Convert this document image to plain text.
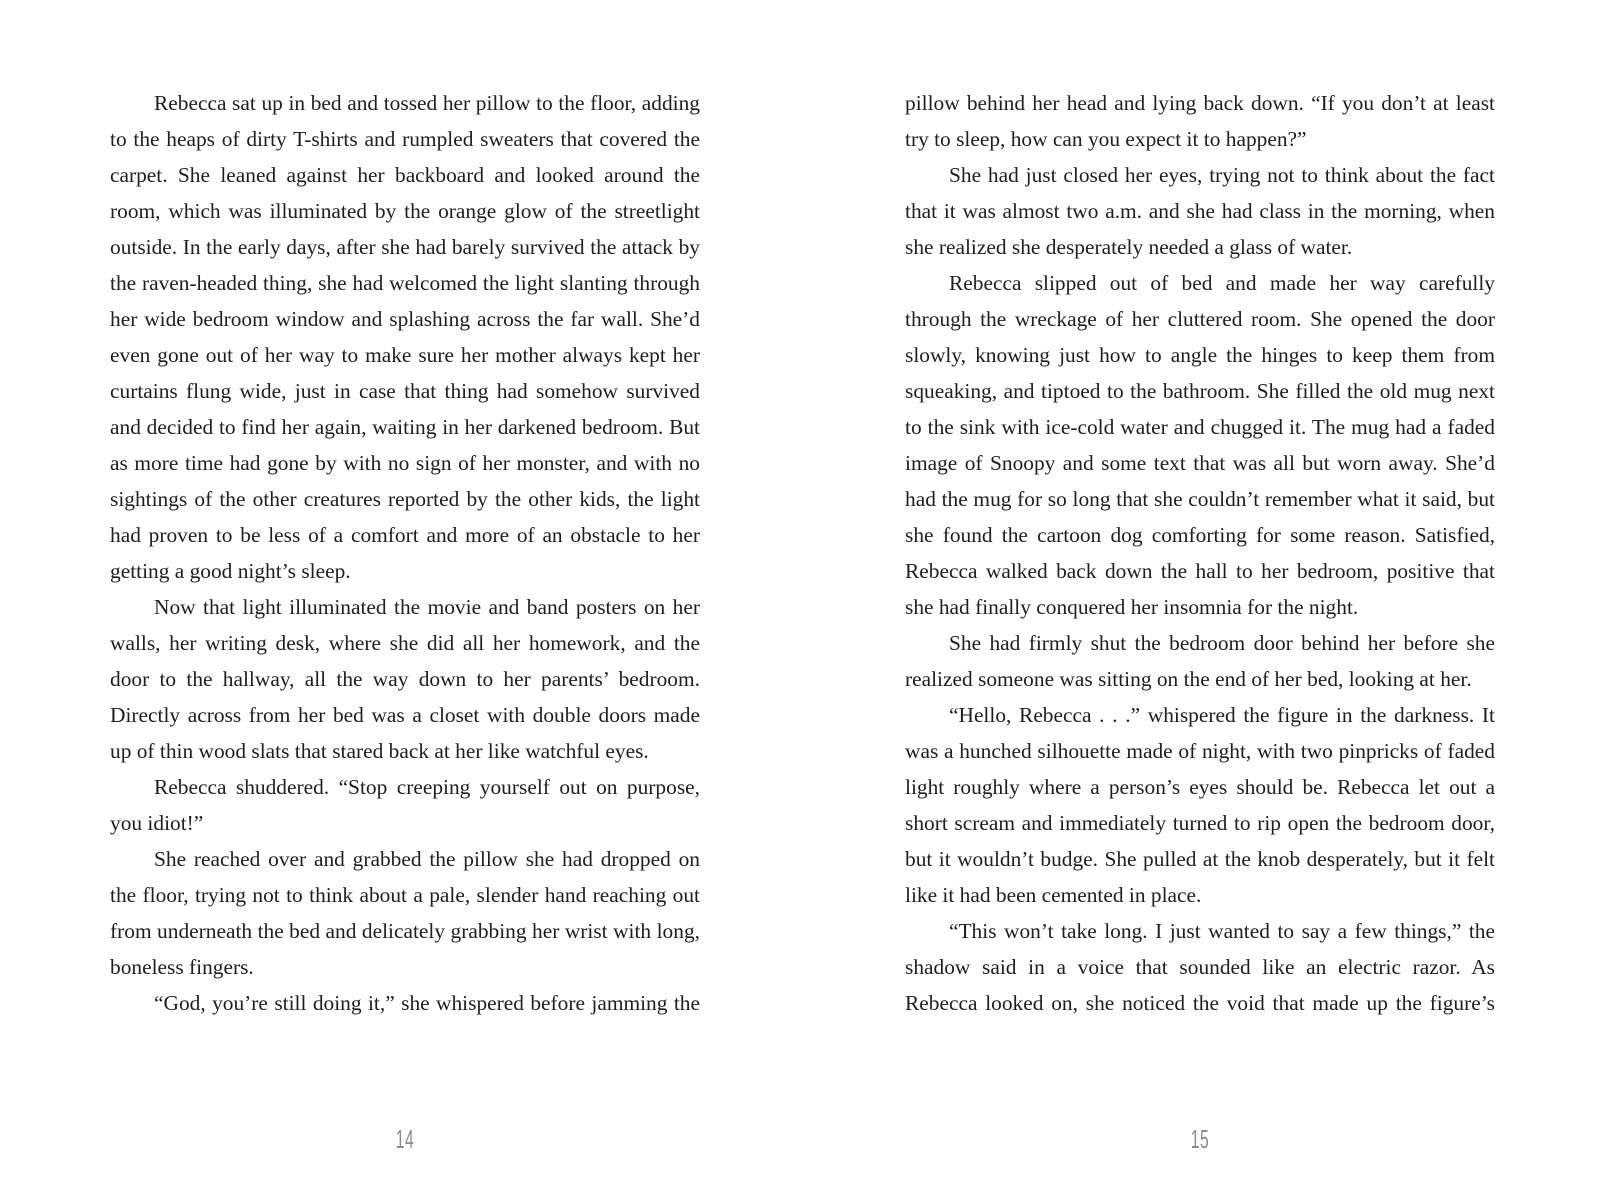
Rebecca sat up in bed and tossed her pillow to the floor, adding to the heaps of dirty T-shirts and rumpled sweaters that covered the carpet. She leaned against her backboard and looked around the room, which was illuminated by the orange glow of the streetlight outside. In the early days, after she had barely survived the attack by the raven-headed thing, she had welcomed the light slanting through her wide bedroom window and splashing across the far wall. She’d even gone out of her way to make sure her mother always kept her curtains flung wide, just in case that thing had somehow survived and decided to find her again, waiting in her darkened bedroom. But as more time had gone by with no sign of her monster, and with no sightings of the other creatures reported by the other kids, the light had proven to be less of a comfort and more of an obstacle to her getting a good night’s sleep.

Now that light illuminated the movie and band posters on her walls, her writing desk, where she did all her homework, and the door to the hallway, all the way down to her parents’ bedroom. Directly across from her bed was a closet with double doors made up of thin wood slats that stared back at her like watchful eyes.

Rebecca shuddered. “Stop creeping yourself out on purpose, you idiot!”

She reached over and grabbed the pillow she had dropped on the floor, trying not to think about a pale, slender hand reaching out from underneath the bed and delicately grabbing her wrist with long, boneless fingers.

“God, you’re still doing it,” she whispered before jamming the

14

pillow behind her head and lying back down. “If you don’t at least try to sleep, how can you expect it to happen?”

She had just closed her eyes, trying not to think about the fact that it was almost two a.m. and she had class in the morning, when she realized she desperately needed a glass of water.

Rebecca slipped out of bed and made her way carefully through the wreckage of her cluttered room. She opened the door slowly, knowing just how to angle the hinges to keep them from squeaking, and tiptoed to the bathroom. She filled the old mug next to the sink with ice-cold water and chugged it. The mug had a faded image of Snoopy and some text that was all but worn away. She’d had the mug for so long that she couldn’t remember what it said, but she found the cartoon dog comforting for some reason. Satisfied, Rebecca walked back down the hall to her bedroom, positive that she had finally conquered her insomnia for the night.

She had firmly shut the bedroom door behind her before she realized someone was sitting on the end of her bed, looking at her.

“Hello, Rebecca . . .” whispered the figure in the darkness. It was a hunched silhouette made of night, with two pinpricks of faded light roughly where a person’s eyes should be. Rebecca let out a short scream and immediately turned to rip open the bedroom door, but it wouldn’t budge. She pulled at the knob desperately, but it felt like it had been cemented in place.

“This won’t take long. I just wanted to say a few things,” the shadow said in a voice that sounded like an electric razor. As Rebecca looked on, she noticed the void that made up the figure’s

15
